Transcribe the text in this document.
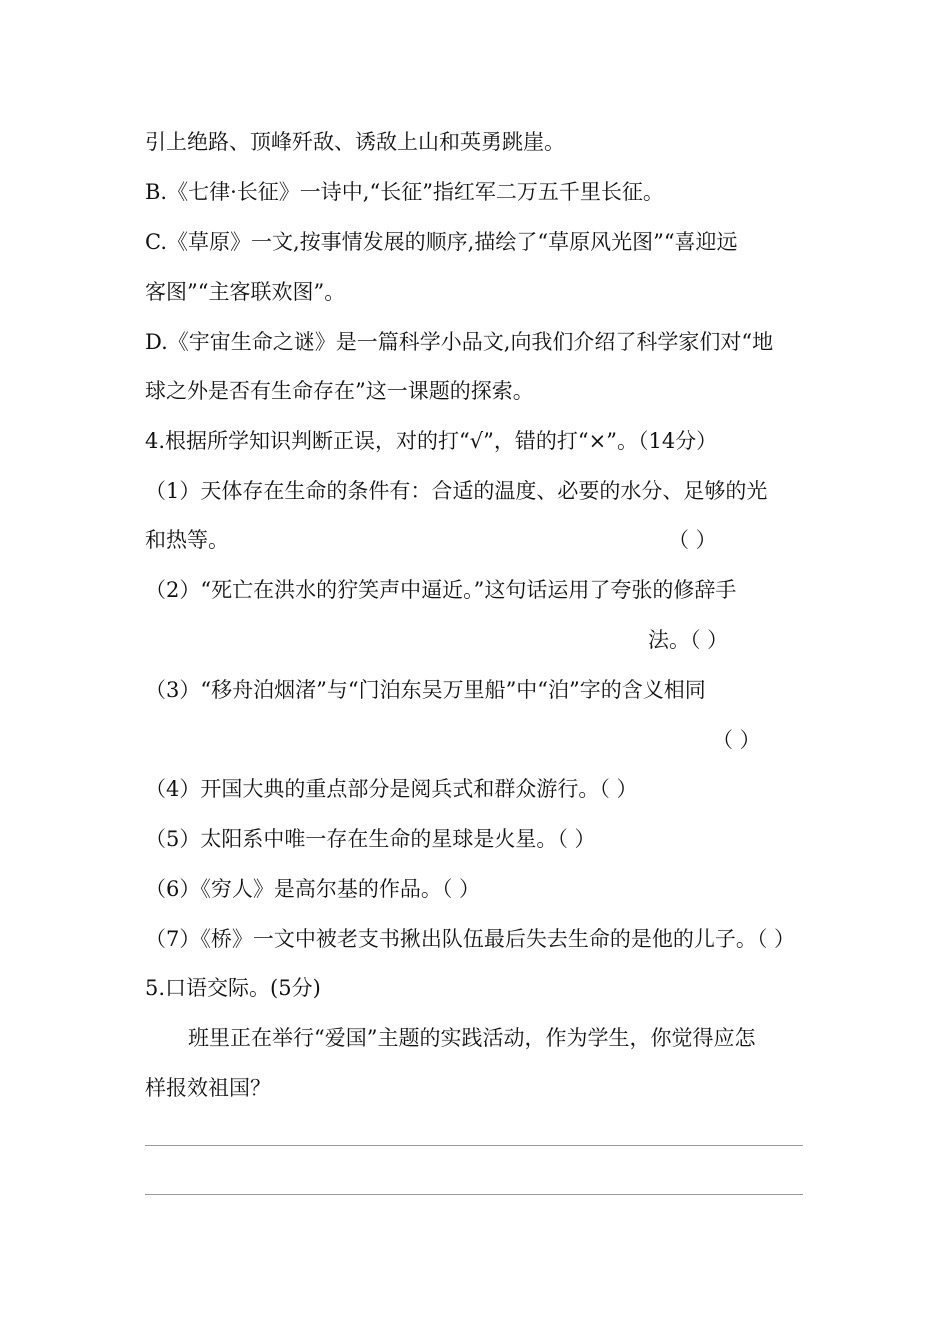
引上绝路、顶峰歼敌、诱敌上山和英勇跳崖。
B.《七律·长征》一诗中,“长征”指红军二万五千里长征。
C.《草原》一文,按事情发展的顺序,描绘了“草原风光图”“喜迎远
客图”“主客联欢图”。
D.《宇宙生命之谜》是一篇科学小品文,向我们介绍了科学家们对“地
球之外是否有生命存在”这一课题的探索。
4.根据所学知识判断正误，对的打“√”，错的打“×”。（14分）
（1）天体存在生命的条件有：合适的温度、必要的水分、足够的光
和热等。	（ ）
（2）“死亡在洪水的狞笑声中逼近。”这句话运用了夸张的修辞手
法。（ ）
（3）“移舟泊烟渚”与“门泊东吴万里船”中“泊”字的含义相同
（ ）
（4）开国大典的重点部分是阅兵式和群众游行。（ ）
（5）太阳系中唯一存在生命的星球是火星。（ ）
（6）《穷人》是高尔基的作品。（ ）
（7）《桥》一文中被老支书揪出队伍最后失去生命的是他的儿子。（ ）
5.口语交际。(5分)
班里正在举行“爱国”主题的实践活动，作为学生，你觉得应怎
样报效祖国？
